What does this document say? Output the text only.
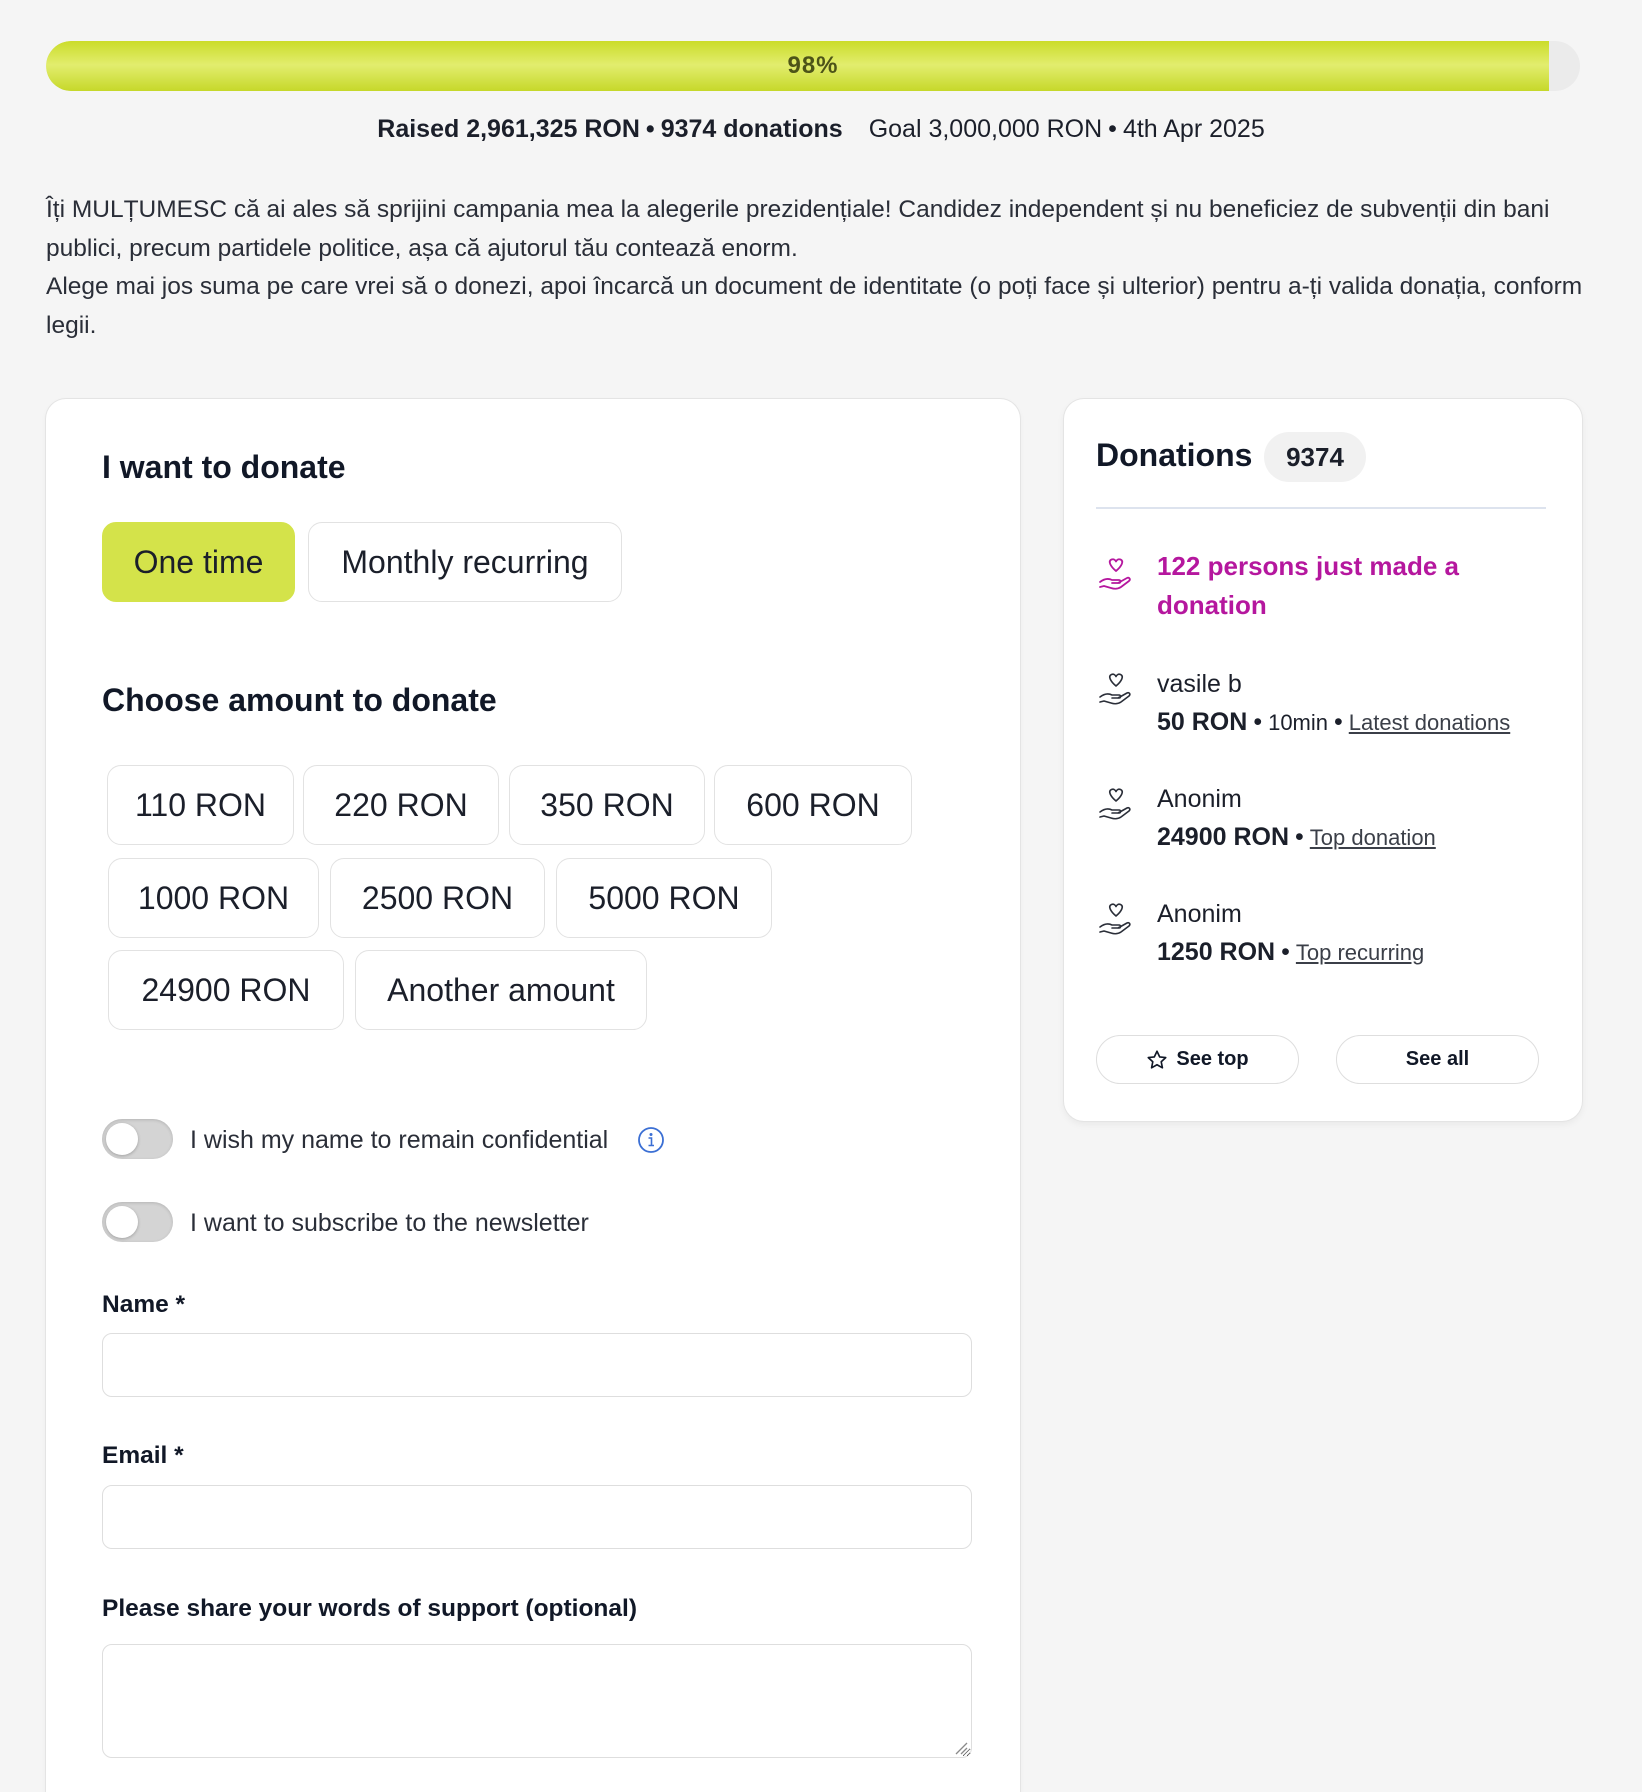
98%
Raised 2,961,325 RON • 9374 donations Goal 3,000,000 RON • 4th Apr 2025
Îți MULȚUMESC că ai ales să sprijini campania mea la alegerile prezidențiale! Candidez independent și nu beneficiez de subvenții din bani publici, precum partidele politice, așa că ajutorul tău contează enorm.
Alege mai jos suma pe care vrei să o donezi, apoi încarcă un document de identitate (o poți face și ulterior) pentru a-ți valida donația, conform legii.
I want to donate
One time	Monthly recurring
Choose amount to donate
110 RON	220 RON	350 RON	600 RON
1000 RON	2500 RON	5000 RON
24900 RON	Another amount
I wish my name to remain confidential
I want to subscribe to the newsletter
Name *
Email *
Please share your words of support (optional)
Donations	9374
122 persons just made a donation
vasile b
50 RON • 10min • Latest donations
Anonim
24900 RON • Top donation
Anonim
1250 RON • Top recurring
See top	See all
